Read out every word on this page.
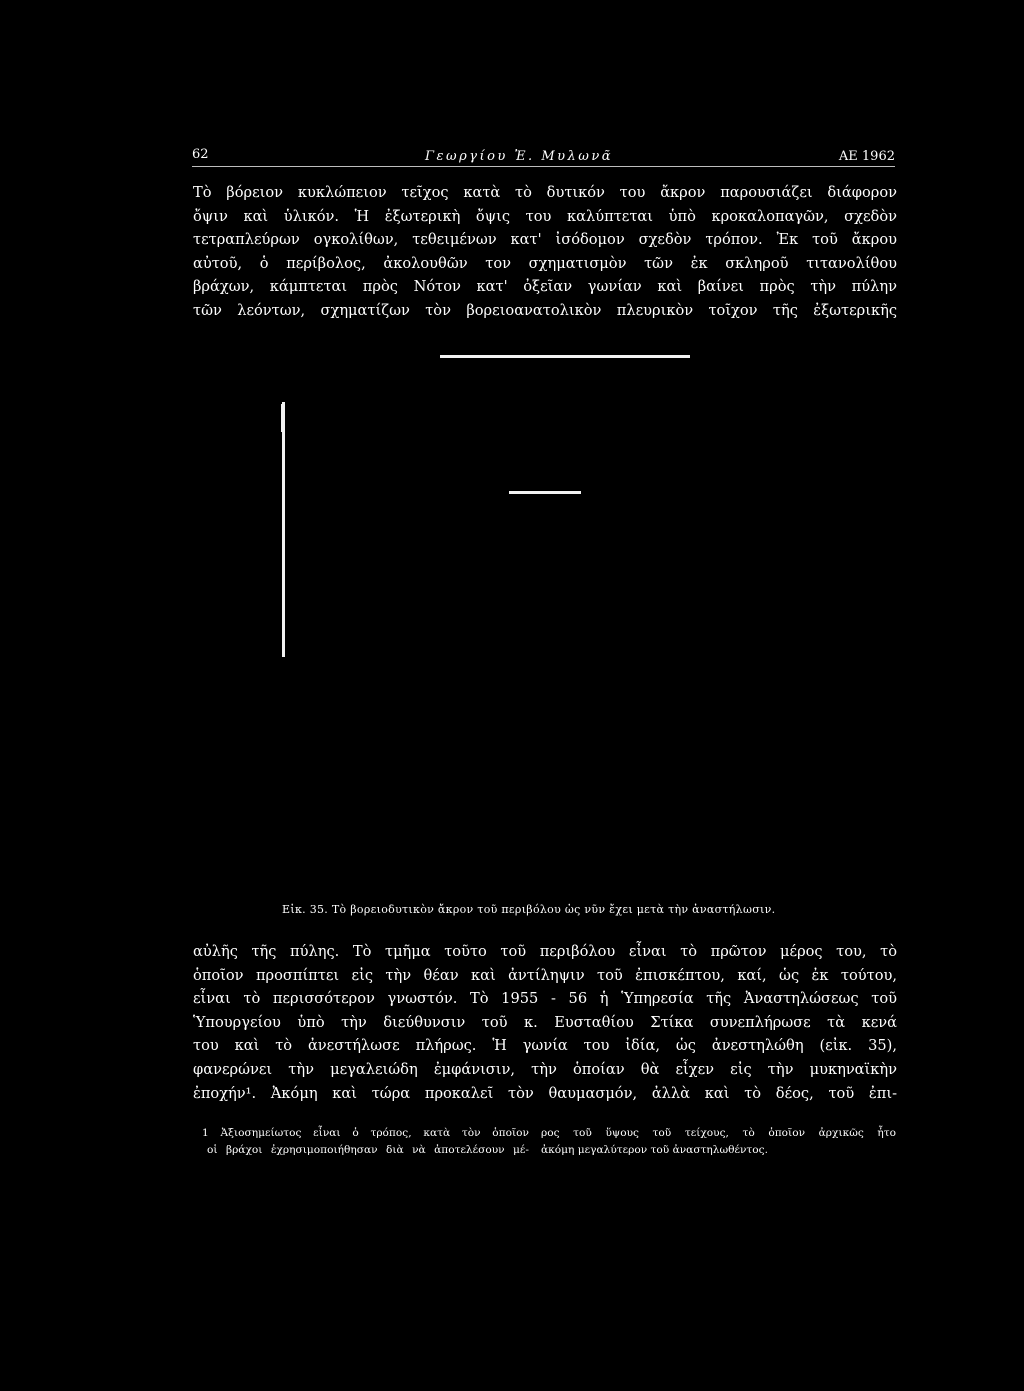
62	Γεωργίου Ἐ. Μυλωνᾶ	ΑΕ 1962
Τὸ βόρειον κυκλώπειον τεῖχος κατὰ τὸ δυτικόν του ἄκρον παρουσιάζει διάφορον
ὄψιν καὶ ὑλικόν. Ἡ ἐξωτερικὴ ὄψις του καλύπτεται ὑπὸ κροκαλοπαγῶν, σχεδὸν
τετραπλεύρων ογκολίθων, τεθειμένων κατ' ἰσόδομον σχεδὸν τρόπον. Ἐκ τοῦ ἄκρου
αὐτοῦ, ὁ περίβολος, ἀκολουθῶν τον σχηματισμὸν τῶν ἐκ σκληροῦ τιτανολίθου
βράχων, κάμπτεται πρὸς Νότον κατ' ὀξεῖαν γωνίαν καὶ βαίνει πρὸς τὴν πύλην
τῶν λεόντων, σχηματίζων τὸν βορειοανατολικὸν πλευρικὸν τοῖχον τῆς ἐξωτερικῆς
Εἰκ. 35. Τὸ βορειοδυτικὸν ἄκρον τοῦ περιβόλου ὡς νῦν ἔχει μετὰ τὴν ἀναστήλωσιν.
αὐλῆς τῆς πύλης. Τὸ τμῆμα τοῦτο τοῦ περιβόλου εἶναι τὸ πρῶτον μέρος του, τὸ
ὁποῖον προσπίπτει εἰς τὴν θέαν καὶ ἀντίληψιν τοῦ ἐπισκέπτου, καί, ὡς ἐκ τούτου,
εἶναι τὸ περισσότερον γνωστόν. Τὸ 1955 - 56 ἡ Ὑπηρεσία τῆς Ἀναστηλώσεως τοῦ
Ὑπουργείου ὑπὸ τὴν διεύθυνσιν τοῦ κ. Ευσταθίου Στίκα συνεπλήρωσε τὰ κενά
του καὶ τὸ ἀνεστήλωσε πλήρως. Ἡ γωνία του ἰδία, ὡς ἀνεστηλώθη (εἰκ. 35),
φανερώνει τὴν μεγαλειώδη ἐμφάνισιν, τὴν ὁποίαν θὰ εἶχεν εἰς τὴν μυκηναϊκὴν
ἐποχήν¹. Ἀκόμη καὶ τώρα προκαλεῖ τὸν θαυμασμόν, ἀλλὰ καὶ τὸ δέος, τοῦ ἐπι-
1 Ἀξιοσημείωτος εἶναι ὁ τρόπος, κατὰ τὸν ὁποῖον
οἱ βράχοι ἐχρησιμοποιήθησαν διὰ νὰ ἀποτελέσουν μέ-
ρος τοῦ ὕψους τοῦ τείχους, τὸ ὁποῖον ἀρχικῶς ἦτο
ἀκόμη μεγαλύτερον τοῦ ἀναστηλωθέντος.
